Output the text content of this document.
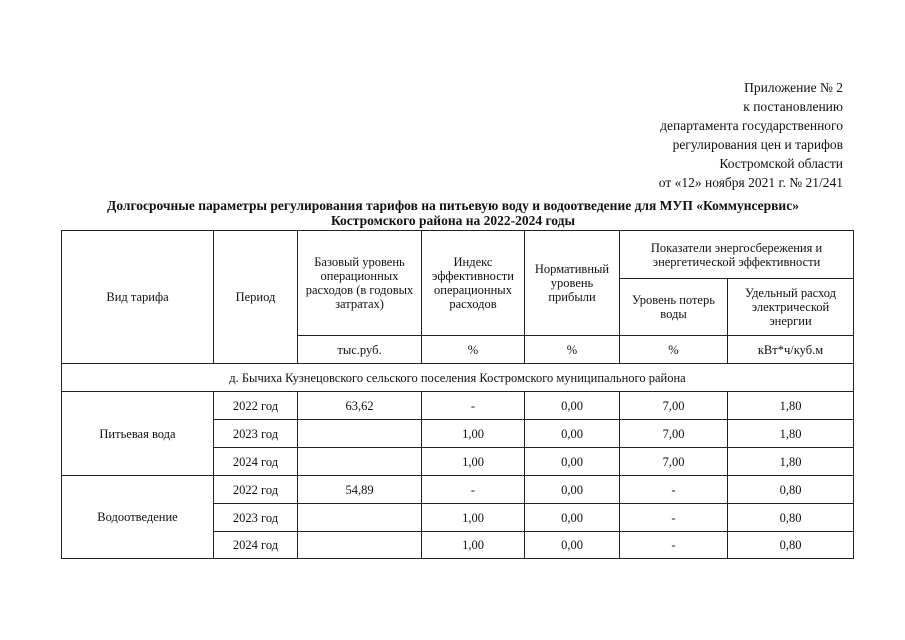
Приложение № 2
к постановлению
департамента государственного
регулирования цен и тарифов
Костромской области
от «12» ноября 2021 г. № 21/241
Долгосрочные параметры регулирования тарифов на питьевую воду и водоотведение для МУП «Коммунсервис»
Костромского района на 2022-2024 годы
Вид тарифа	Период	Базовый уровень операционных расходов (в годовых затратах)	Индекс эффективности операционных расходов	Нормативный уровень прибыли	Показатели энергосбережения и энергетической эффективности	
					Уровень потерь воды	Удельный расход электрической энергии
		тыс.руб.	%	%	%	кВт*ч/куб.м
д. Бычиха Кузнецовского сельского поселения Костромского муниципального района						
Питьевая вода	2022 год	63,62	-	0,00	7,00	1,80
	2023 год		1,00	0,00	7,00	1,80
	2024 год		1,00	0,00	7,00	1,80
Водоотведение	2022 год	54,89	-	0,00	-	0,80
	2023 год		1,00	0,00	-	0,80
	2024 год		1,00	0,00	-	0,80
